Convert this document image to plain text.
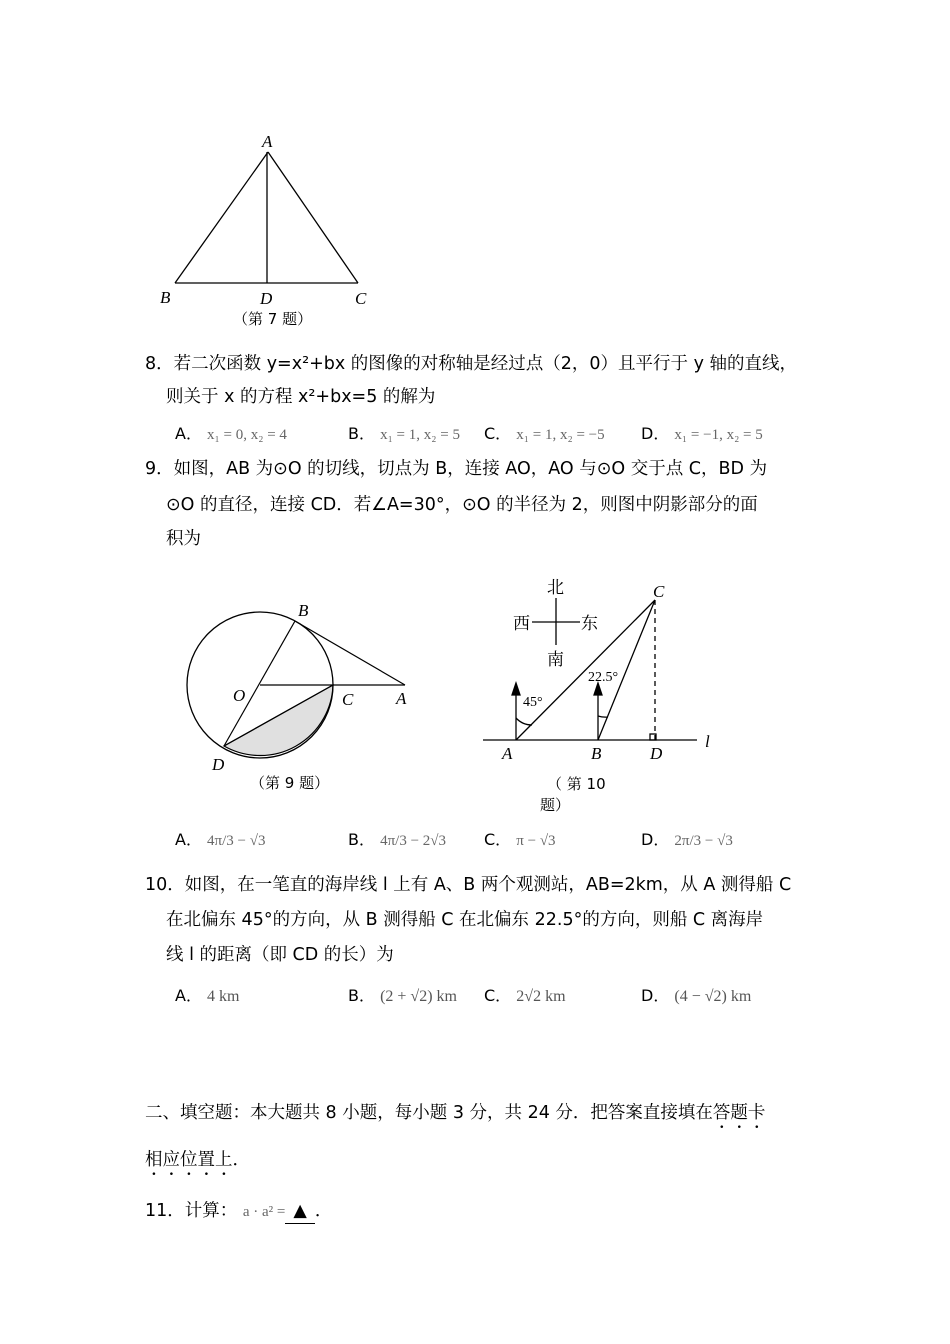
A
B	D	C
B
O	C	A
D
北
西	东
南
45°
22.5°
C
A	B	D
l
（第 7 题）
（第 9 题）	（ 第 10
题）
8．若二次函数 y=x²+bx 的图像的对称轴是经过点（2，0）且平行于 y 轴的直线，
则关于 x 的方程 x²+bx=5 的解为
A． x₁ = 0, x₂ = 4	B． x₁ = 1, x₂ = 5 C． x₁ = 1, x₂ = −5 D． x₁ = −1, x₂ = 5
9．如图，AB 为⊙O 的切线，切点为 B，连接 AO，AO 与⊙O 交于点 C，BD 为
⊙O 的直径，连接 CD．若∠A=30°，⊙O 的半径为 2，则图中阴影部分的面
积为
A． 4π/3 − √3	B． 4π/3 − 2√3 C． π − √3	D． 2π/3 − √3
10．如图，在一笔直的海岸线 l 上有 A、B 两个观测站，AB=2km，从 A 测得船 C
在北偏东 45°的方向，从 B 测得船 C 在北偏东 22.5°的方向，则船 C 离海岸
线 l 的距离（即 CD 的长）为
A． 4 km	B． (2 + √2) km C． 2√2 km	D． (4 − √2) km
二、填空题：本大题共 8 小题，每小题 3 分，共 24 分．把答案直接填在答题卡
相应位置上．
11．计算： a · a² = ▲ ．
